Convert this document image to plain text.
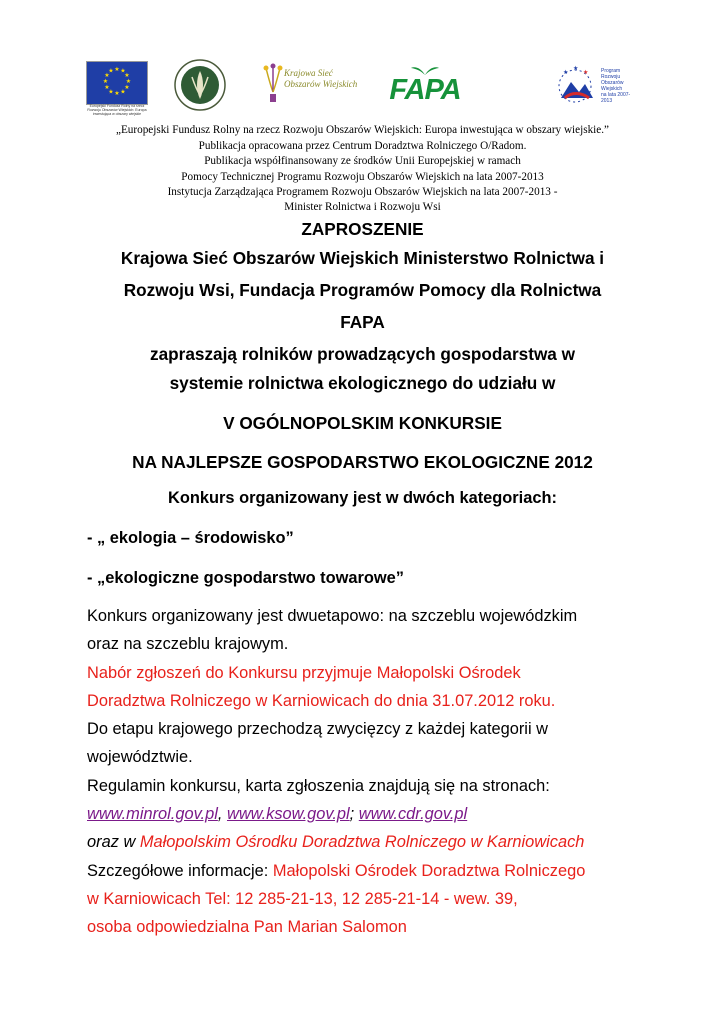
★ ★
★
★
★
★
★
★
★
★
★
★
Europejski Fundusz Rolny na rzecz Rozwoju Obszarów Wiejskich: Europa inwestująca w obszary wiejskie
Krajowa Sieć
Obszarów Wiejskich FAPA
★
★
★	Program
Rozwoju
Obszarów
Wiejskich
na lata 2007-2013
„Europejski Fundusz Rolny na rzecz Rozwoju Obszarów Wiejskich: Europa inwestująca w obszary wiejskie.”
Publikacja opracowana przez Centrum Doradztwa Rolniczego O/Radom.
Publikacja współfinansowany ze środków Unii Europejskiej w ramach
Pomocy Technicznej Programu Rozwoju Obszarów Wiejskich na lata 2007-2013
Instytucja Zarządzająca Programem Rozwoju Obszarów Wiejskich na lata 2007-2013 -
Minister Rolnictwa i Rozwoju Wsi
ZAPROSZENIE
Krajowa Sieć Obszarów Wiejskich Ministerstwo Rolnictwa i
Rozwoju Wsi, Fundacja Programów Pomocy dla Rolnictwa
FAPA
zapraszają rolników prowadzących gospodarstwa w
systemie rolnictwa ekologicznego do udziału w
V OGÓLNOPOLSKIM KONKURSIE
NA NAJLEPSZE GOSPODARSTWO EKOLOGICZNE 2012
Konkurs organizowany jest w dwóch kategoriach:
- „ ekologia – środowisko”
- „ekologiczne gospodarstwo towarowe”
Konkurs organizowany jest dwuetapowo: na szczeblu wojewódzkim
oraz na szczeblu krajowym.
Nabór zgłoszeń do Konkursu przyjmuje Małopolski Ośrodek
Doradztwa Rolniczego w Karniowicach do dnia 31.07.2012 roku.
Do etapu krajowego przechodzą zwycięzcy z każdej kategorii w
województwie.
Regulamin konkursu, karta zgłoszenia znajdują się na stronach:
www.minrol.gov.pl, www.ksow.gov.pl; www.cdr.gov.pl
oraz w Małopolskim Ośrodku Doradztwa Rolniczego w Karniowicach
Szczegółowe informacje: Małopolski Ośrodek Doradztwa Rolniczego
w Karniowicach Tel: 12 285-21-13, 12 285-21-14 - wew. 39,
osoba odpowiedzialna Pan Marian Salomon
